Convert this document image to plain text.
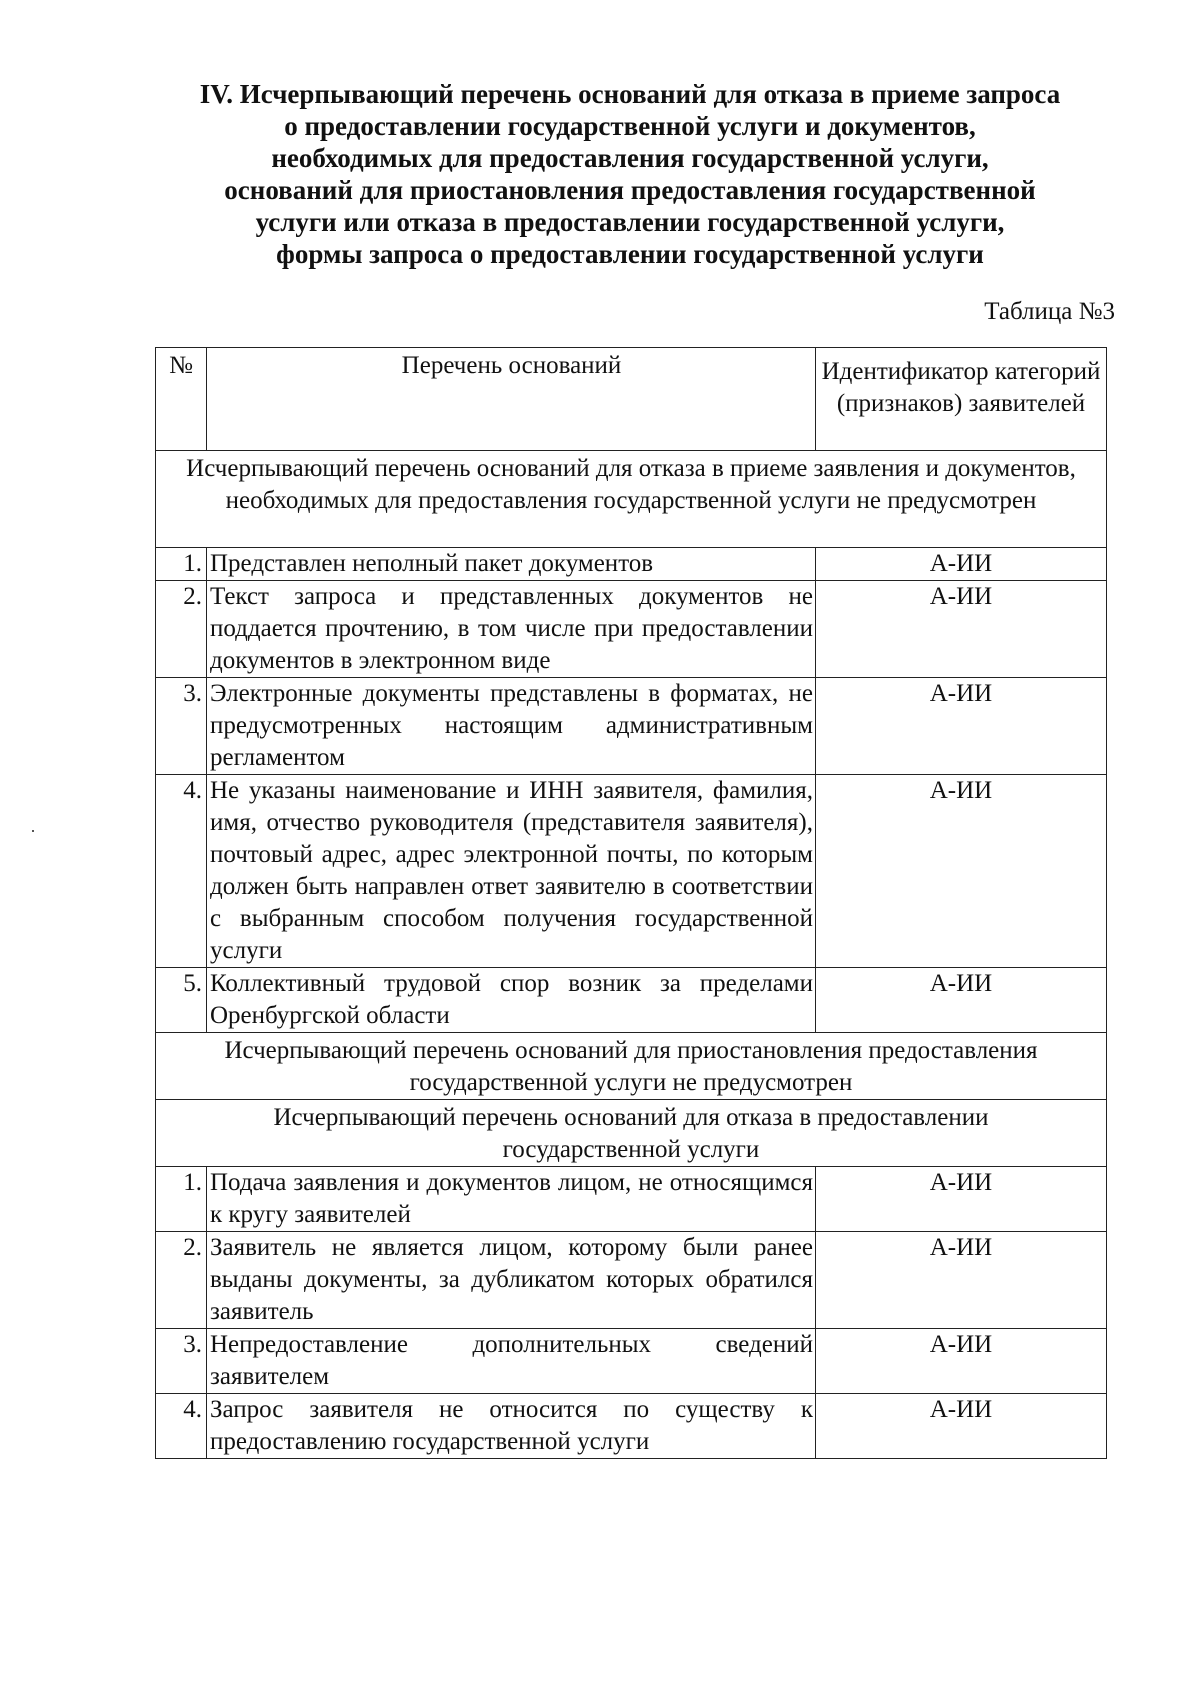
IV. Исчерпывающий перечень оснований для отказа в приеме запроса
о предоставлении государственной услуги и документов,
необходимых для предоставления государственной услуги,
оснований для приостановления предоставления государственной
услуги или отказа в предоставлении государственной услуги,
формы запроса о предоставлении государственной услуги
Таблица №3
№	Перечень оснований	Идентификатор категорий (признаков) заявителей
Исчерпывающий перечень оснований для отказа в приеме заявления и документов, необходимых для предоставления государственной услуги не предусмотрен		
1.	Представлен неполный пакет документов	А-ИИ
2.	Текст запроса и представленных документов не поддается прочтению, в том числе при предоставлении документов в электронном виде	А-ИИ
3.	Электронные документы представлены в форматах, не предусмотренных настоящим административным регламентом	А-ИИ
4.	Не указаны наименование и ИНН заявителя, фамилия, имя, отчество руководителя (представителя заявителя), почтовый адрес, адрес электронной почты, по которым должен быть направлен ответ заявителю в соответствии с выбранным способом получения государственной услуги	А-ИИ
5.	Коллективный трудовой спор возник за пределами Оренбургской области	А-ИИ
Исчерпывающий перечень оснований для приостановления предоставления государственной услуги не предусмотрен		
Исчерпывающий перечень оснований для отказа в предоставлении государственной услуги		
1.	Подача заявления и документов лицом, не относящимся к кругу заявителей	А-ИИ
2.	Заявитель не является лицом, которому были ранее выданы документы, за дубликатом которых обратился заявитель	А-ИИ
3.	Непредоставление дополнительных сведений заявителем	А-ИИ
4.	Запрос заявителя не относится по существу к предоставлению государственной услуги	А-ИИ
